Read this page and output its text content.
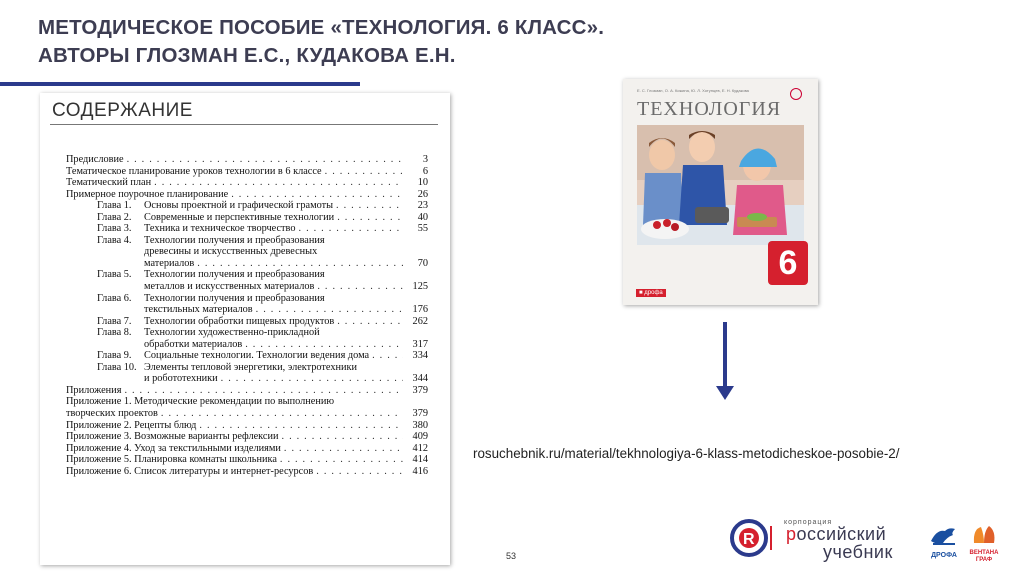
МЕТОДИЧЕСКОЕ ПОСОБИЕ «ТЕХНОЛОГИЯ. 6 КЛАСС».
АВТОРЫ ГЛОЗМАН Е.С., КУДАКОВА Е.Н.
СОДЕРЖАНИЕ
Предисловие . . .	3
Тематическое планирование уроков технологии в 6 классе . . .	6
Тематический план . . .	10
Примерное поурочное планирование . . .	26
Глава 1.	Основы проектной и графической грамоты . . .	23
Глава 2.	Современные и перспективные технологии . . .	40
Глава 3.	Техника и техническое творчество . . .	55
Глава 4.	Технологии получения и преобразования
древесины и искусственных древесных
материалов . . .	70
Глава 5.	Технологии получения и преобразования
металлов и искусственных материалов . . .	125
Глава 6.	Технологии получения и преобразования
текстильных материалов . . .	176
Глава 7.	Технологии обработки пищевых продуктов . . .	262
Глава 8.	Технологии художественно-прикладной
обработки материалов . . .	317
Глава 9.	Социальные технологии. Технологии ведения дома . . .	334
Глава 10. Элементы тепловой энергетики, электротехники
и робототехники . . .	344
Приложения . . .	379
Приложение 1. Методические рекомендации по выполнению
творческих проектов . . .	379
Приложение 2. Рецепты блюд . . .	380
Приложение 3. Возможные варианты рефлексии . . .	409
Приложение 4. Уход за текстильными изделиями . . .	412
Приложение 5. Планировка комнаты школьника . . .	414
Приложение 6. Список литературы и интернет-ресурсов . . .	416
Е. С. Глозман, О. А. Кожина, Ю. Л. Хотунцев, Е. Н. Кудакова
ТЕХНОЛОГИЯ
6
■ дрофа
rosuchebnik.ru/material/tekhnologiya-6-klass-metodicheskoe-posobie-2/
53
R
корпорация
российский
учебник	ДРОФА	ВЕНТАНА
ГРАФ
